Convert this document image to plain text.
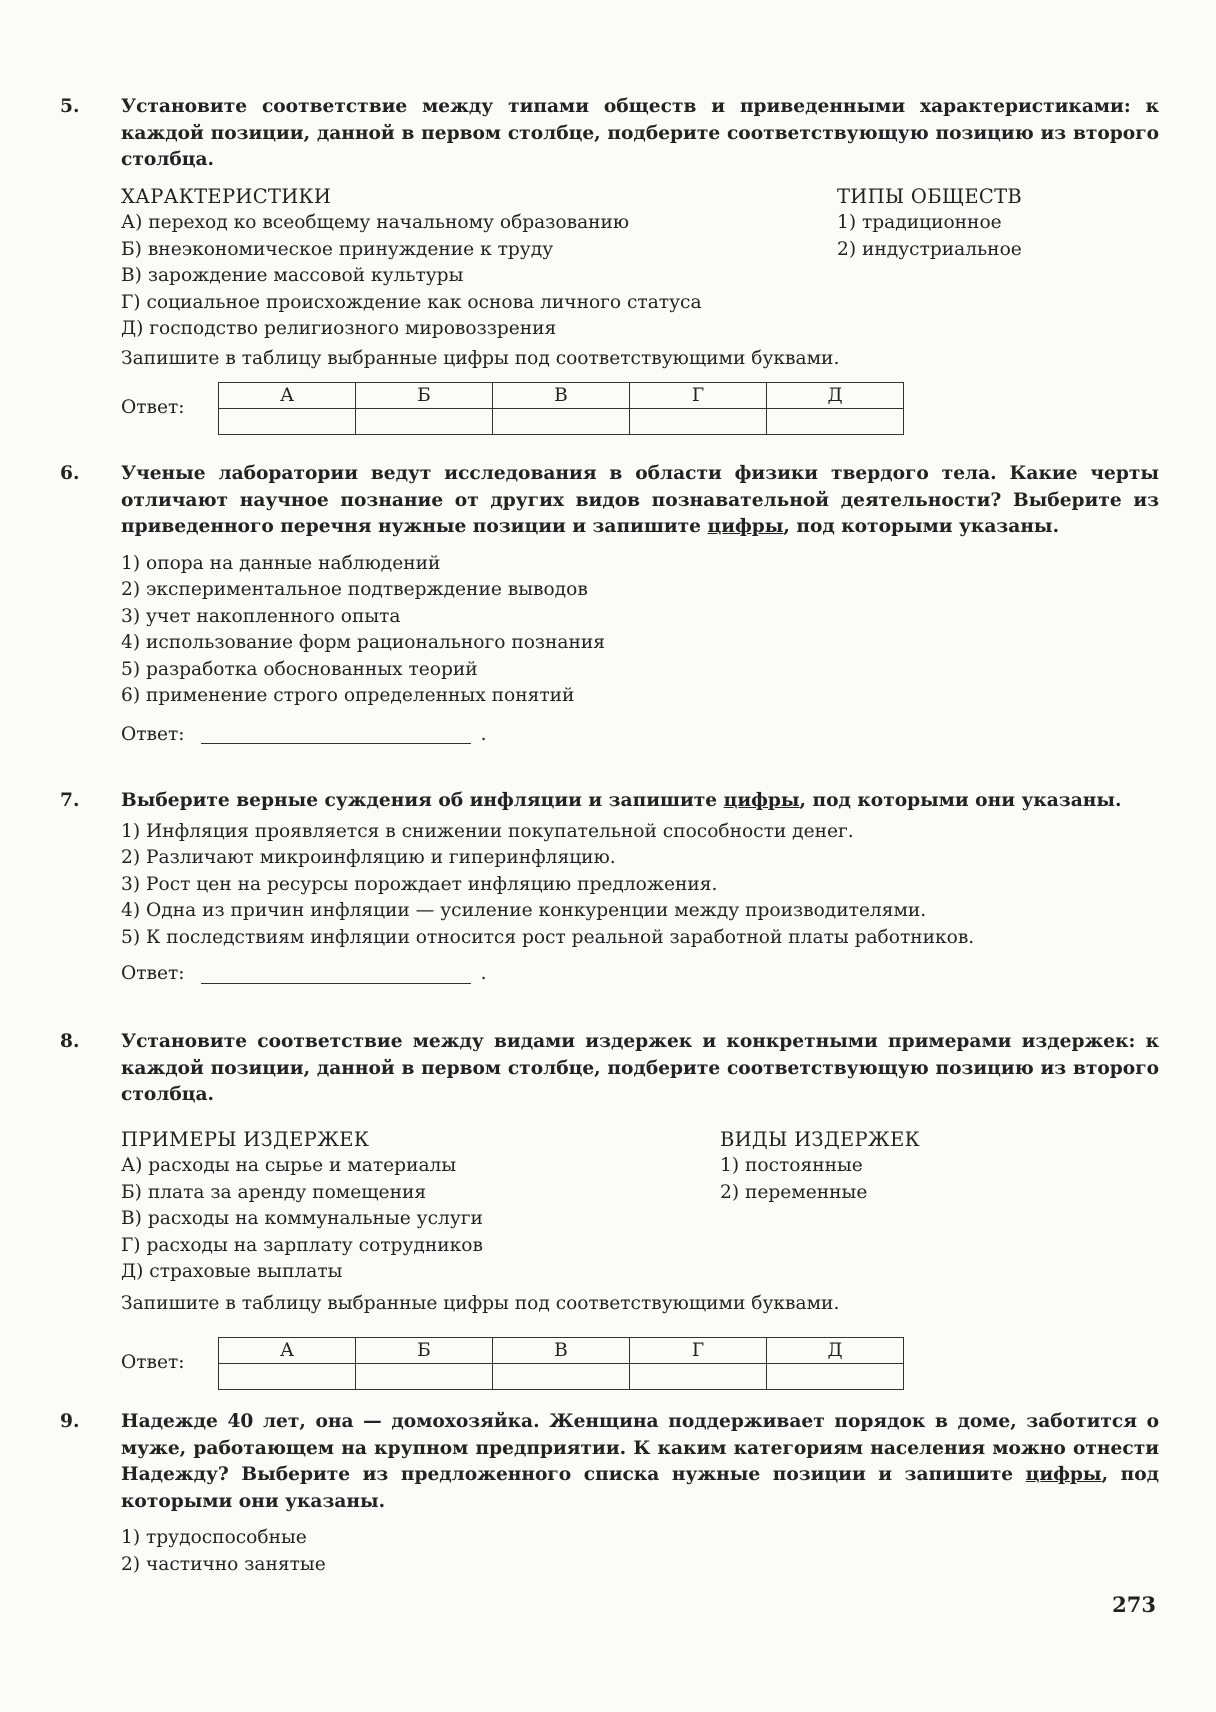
5. Установите соответствие между типами обществ и приведенными характеристиками: к каждой позиции, данной в первом столбце, подберите соответствующую позицию из второго столбца.

ХАРАКТЕРИСТИКИ
А) переход ко всеобщему начальному образованию
Б) внеэкономическое принуждение к труду
В) зарождение массовой культуры
Г) социальное происхождение как основа личного статуса
Д) господство религиозного мировоззрения
ТИПЫ ОБЩЕСТВ
1) традиционное
2) индустриальное
Запишите в таблицу выбранные цифры под соответствующими буквами.
Ответ:
А	Б	В	Г	Д

6. Ученые лаборатории ведут исследования в области физики твердого тела. Какие черты отличают научное познание от других видов познавательной деятельности? Выберите из приведенного перечня нужные позиции и запишите цифры, под которыми указаны.

1) опора на данные наблюдений
2) экспериментальное подтверждение выводов
3) учет накопленного опыта
4) использование форм рационального познания
5) разработка обоснованных теорий
6) применение строго определенных понятий
Ответ:	.
7. Выберите верные суждения об инфляции и запишите цифры, под которыми они указаны.

1) Инфляция проявляется в снижении покупательной способности денег.
2) Различают микроинфляцию и гиперинфляцию.
3) Рост цен на ресурсы порождает инфляцию предложения.
4) Одна из причин инфляции — усиление конкуренции между производителями.
5) К последствиям инфляции относится рост реальной заработной платы работников.
Ответ:	.
8. Установите соответствие между видами издержек и конкретными примерами издержек: к каждой позиции, данной в первом столбце, подберите соответствующую позицию из второго столбца.

ПРИМЕРЫ ИЗДЕРЖЕК
А) расходы на сырье и материалы
Б) плата за аренду помещения
В) расходы на коммунальные услуги
Г) расходы на зарплату сотрудников
Д) страховые выплаты
ВИДЫ ИЗДЕРЖЕК
1) постоянные
2) переменные
Запишите в таблицу выбранные цифры под соответствующими буквами.
Ответ:
А	Б	В	Г	Д

9. Надежде 40 лет, она — домохозяйка. Женщина поддерживает порядок в доме, заботится о муже, работающем на крупном предприятии. К каким категориям населения можно отнести Надежду? Выберите из предложенного списка нужные позиции и запишите цифры, под которыми они указаны.

1) трудоспособные
2) частично занятые
273
